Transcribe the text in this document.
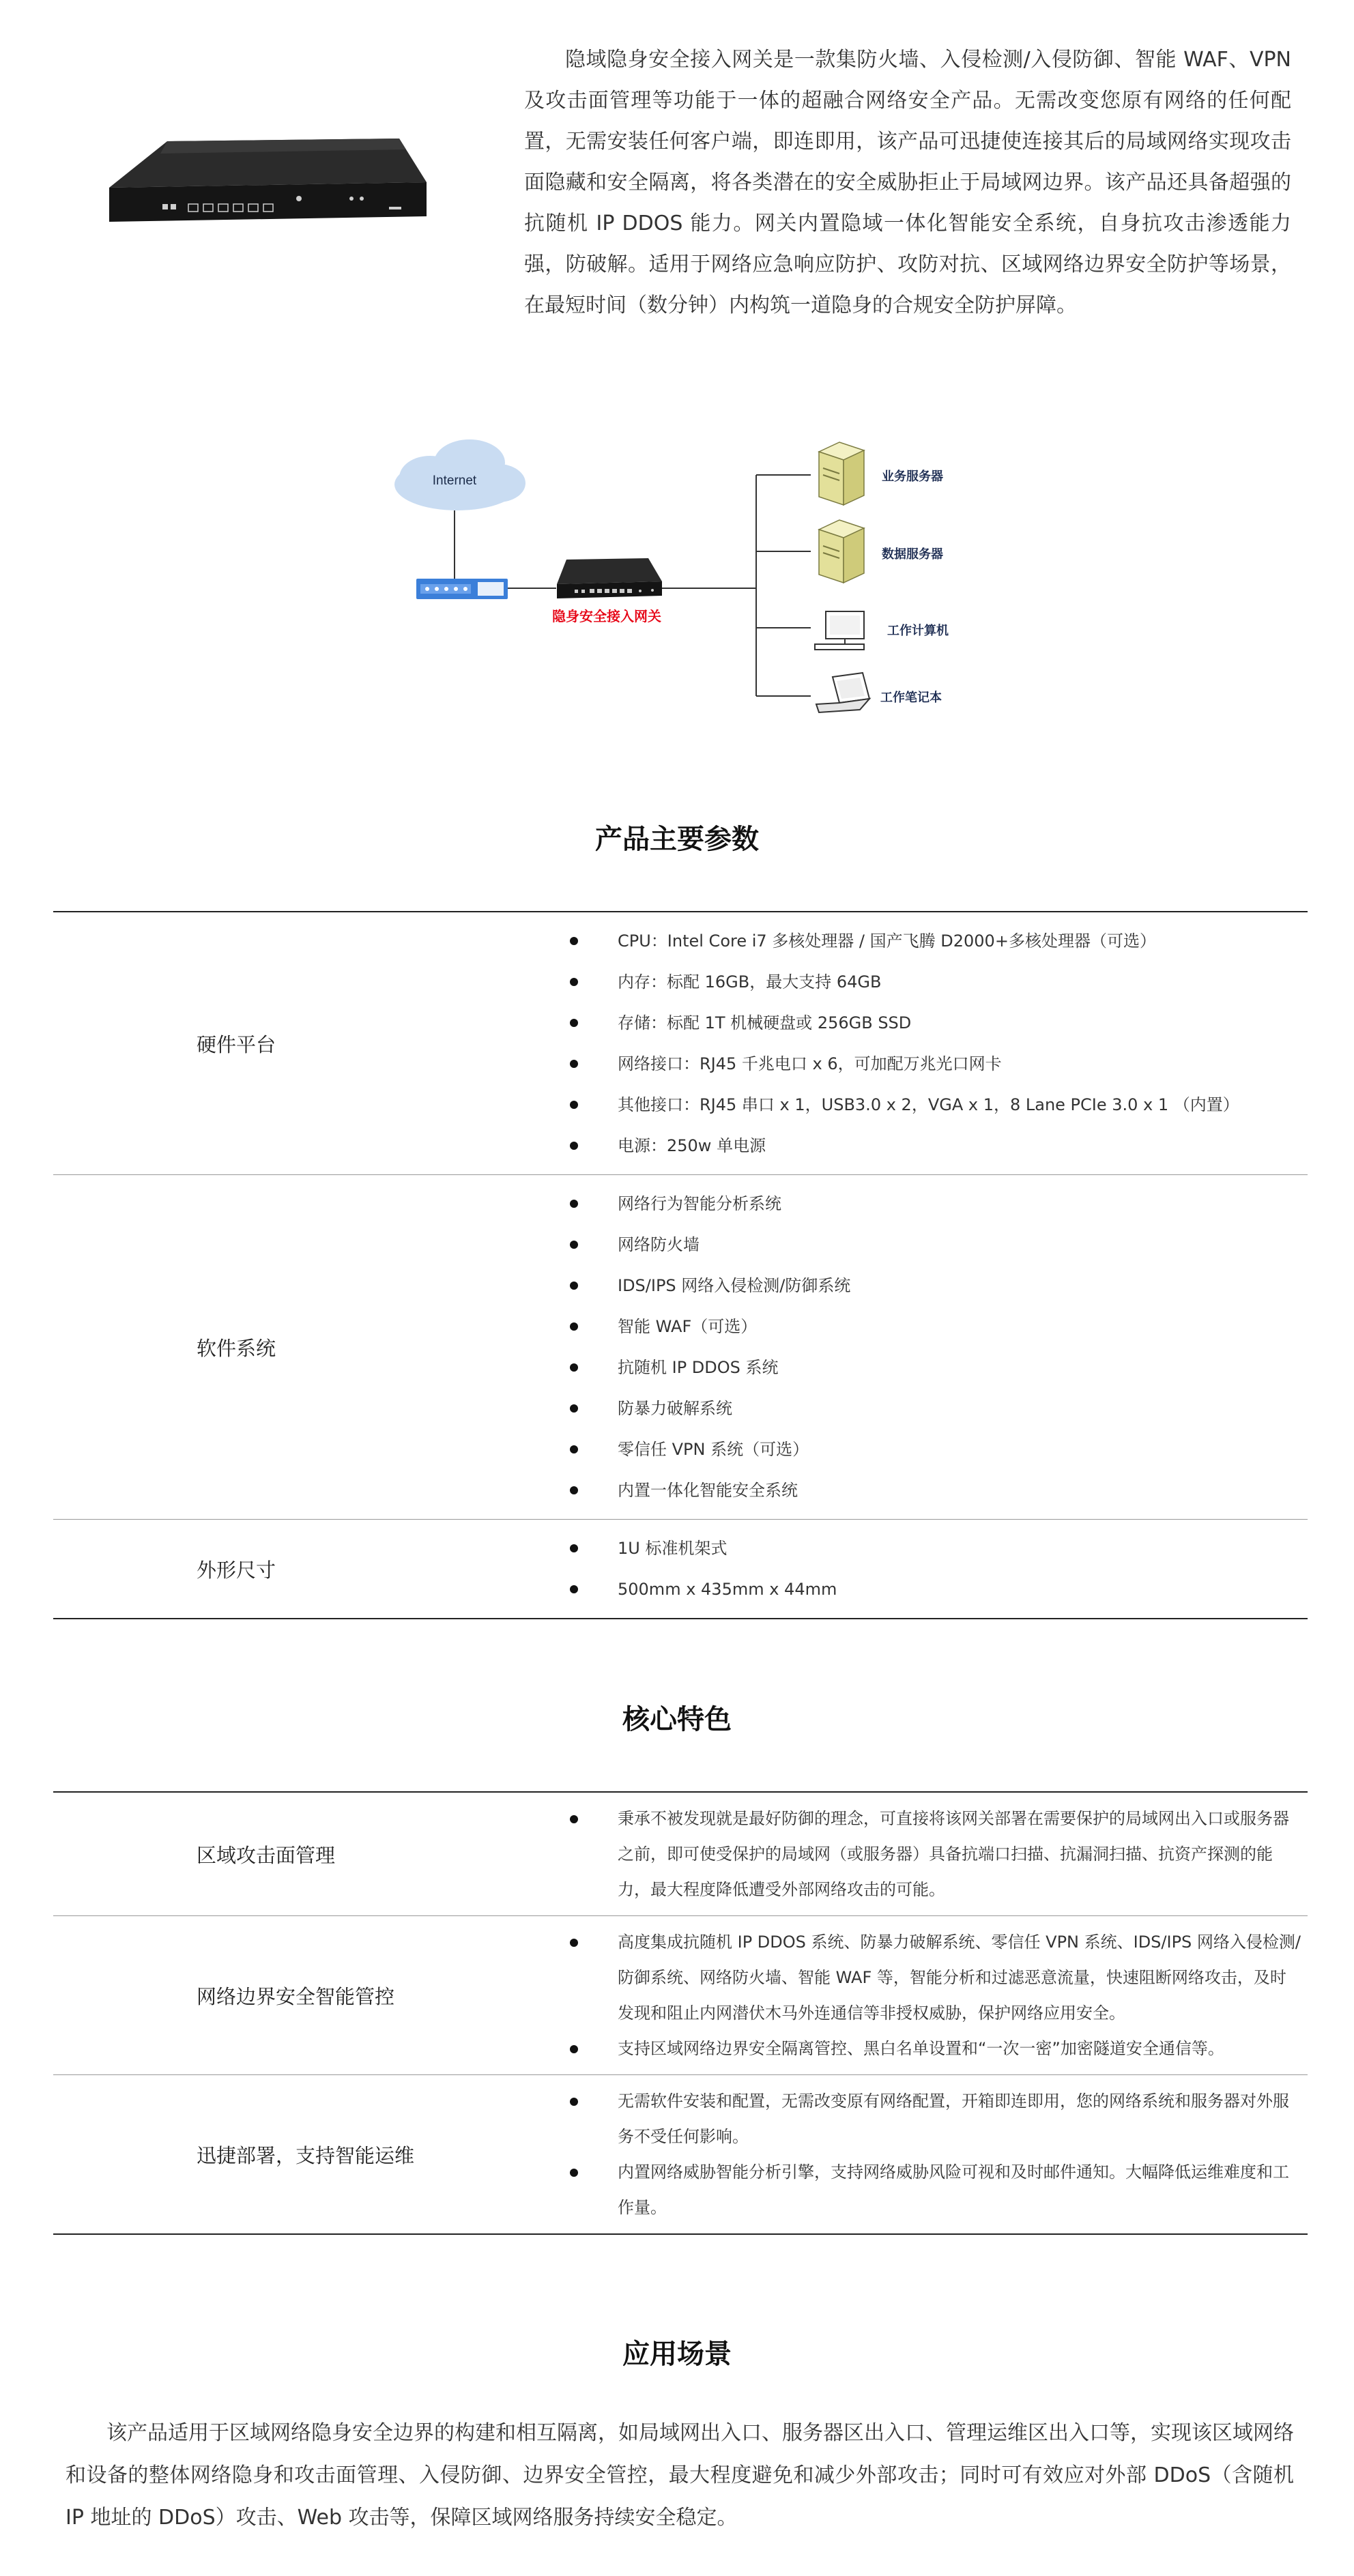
隐域隐身安全接入网关是一款集防火墙、入侵检测/入侵防御、智能 WAF、VPN 及攻击面管理等功能于一体的超融合网络安全产品。无需改变您原有网络的任何配置，无需安装任何客户端，即连即用，该产品可迅捷使连接其后的局域网络实现攻击面隐藏和安全隔离，将各类潜在的安全威胁拒止于局域网边界。该产品还具备超强的抗随机 IP DDOS 能力。网关内置隐域一体化智能安全系统，自身抗攻击渗透能力强，防破解。适用于网络应急响应防护、攻防对抗、区域网络边界安全防护等场景，在最短时间（数分钟）内构筑一道隐身的合规安全防护屏障。
Internet
隐身安全接入网关
业务服务器
数据服务器
工作计算机
工作笔记本
产品主要参数
硬件平台
CPU：Intel Core i7 多核处理器 / 国产飞腾 D2000+多核处理器（可选）
内存：标配 16GB，最大支持 64GB
存储：标配 1T 机械硬盘或 256GB SSD
网络接口：RJ45 千兆电口 x 6，可加配万兆光口网卡
其他接口：RJ45 串口 x 1，USB3.0 x 2，VGA x 1，8 Lane PCIe 3.0 x 1 （内置）
电源：250w 单电源
软件系统
网络行为智能分析系统
网络防火墙
IDS/IPS 网络入侵检测/防御系统
智能 WAF（可选）
抗随机 IP DDOS 系统
防暴力破解系统
零信任 VPN 系统（可选）
内置一体化智能安全系统
外形尺寸
1U 标准机架式
500mm x 435mm x 44mm
核心特色
区域攻击面管理
秉承不被发现就是最好防御的理念，可直接将该网关部署在需要保护的局域网出入口或服务器之前，即可使受保护的局域网（或服务器）具备抗端口扫描、抗漏洞扫描、抗资产探测的能力，最大程度降低遭受外部网络攻击的可能。
网络边界安全智能管控
高度集成抗随机 IP DDOS 系统、防暴力破解系统、零信任 VPN 系统、IDS/IPS 网络入侵检测/防御系统、网络防火墙、智能 WAF 等，智能分析和过滤恶意流量，快速阻断网络攻击，及时发现和阻止内网潜伏木马外连通信等非授权威胁，保护网络应用安全。
支持区域网络边界安全隔离管控、黑白名单设置和“一次一密”加密隧道安全通信等。
迅捷部署，支持智能运维
无需软件安装和配置，无需改变原有网络配置，开箱即连即用，您的网络系统和服务器对外服务不受任何影响。
内置网络威胁智能分析引擎，支持网络威胁风险可视和及时邮件通知。大幅降低运维难度和工作量。
应用场景
该产品适用于区域网络隐身安全边界的构建和相互隔离，如局域网出入口、服务器区出入口、管理运维区出入口等，实现该区域网络和设备的整体网络隐身和攻击面管理、入侵防御、边界安全管控，最大程度避免和减少外部攻击；同时可有效应对外部 DDoS（含随机 IP 地址的 DDoS）攻击、Web 攻击等，保障区域网络服务持续安全稳定。
